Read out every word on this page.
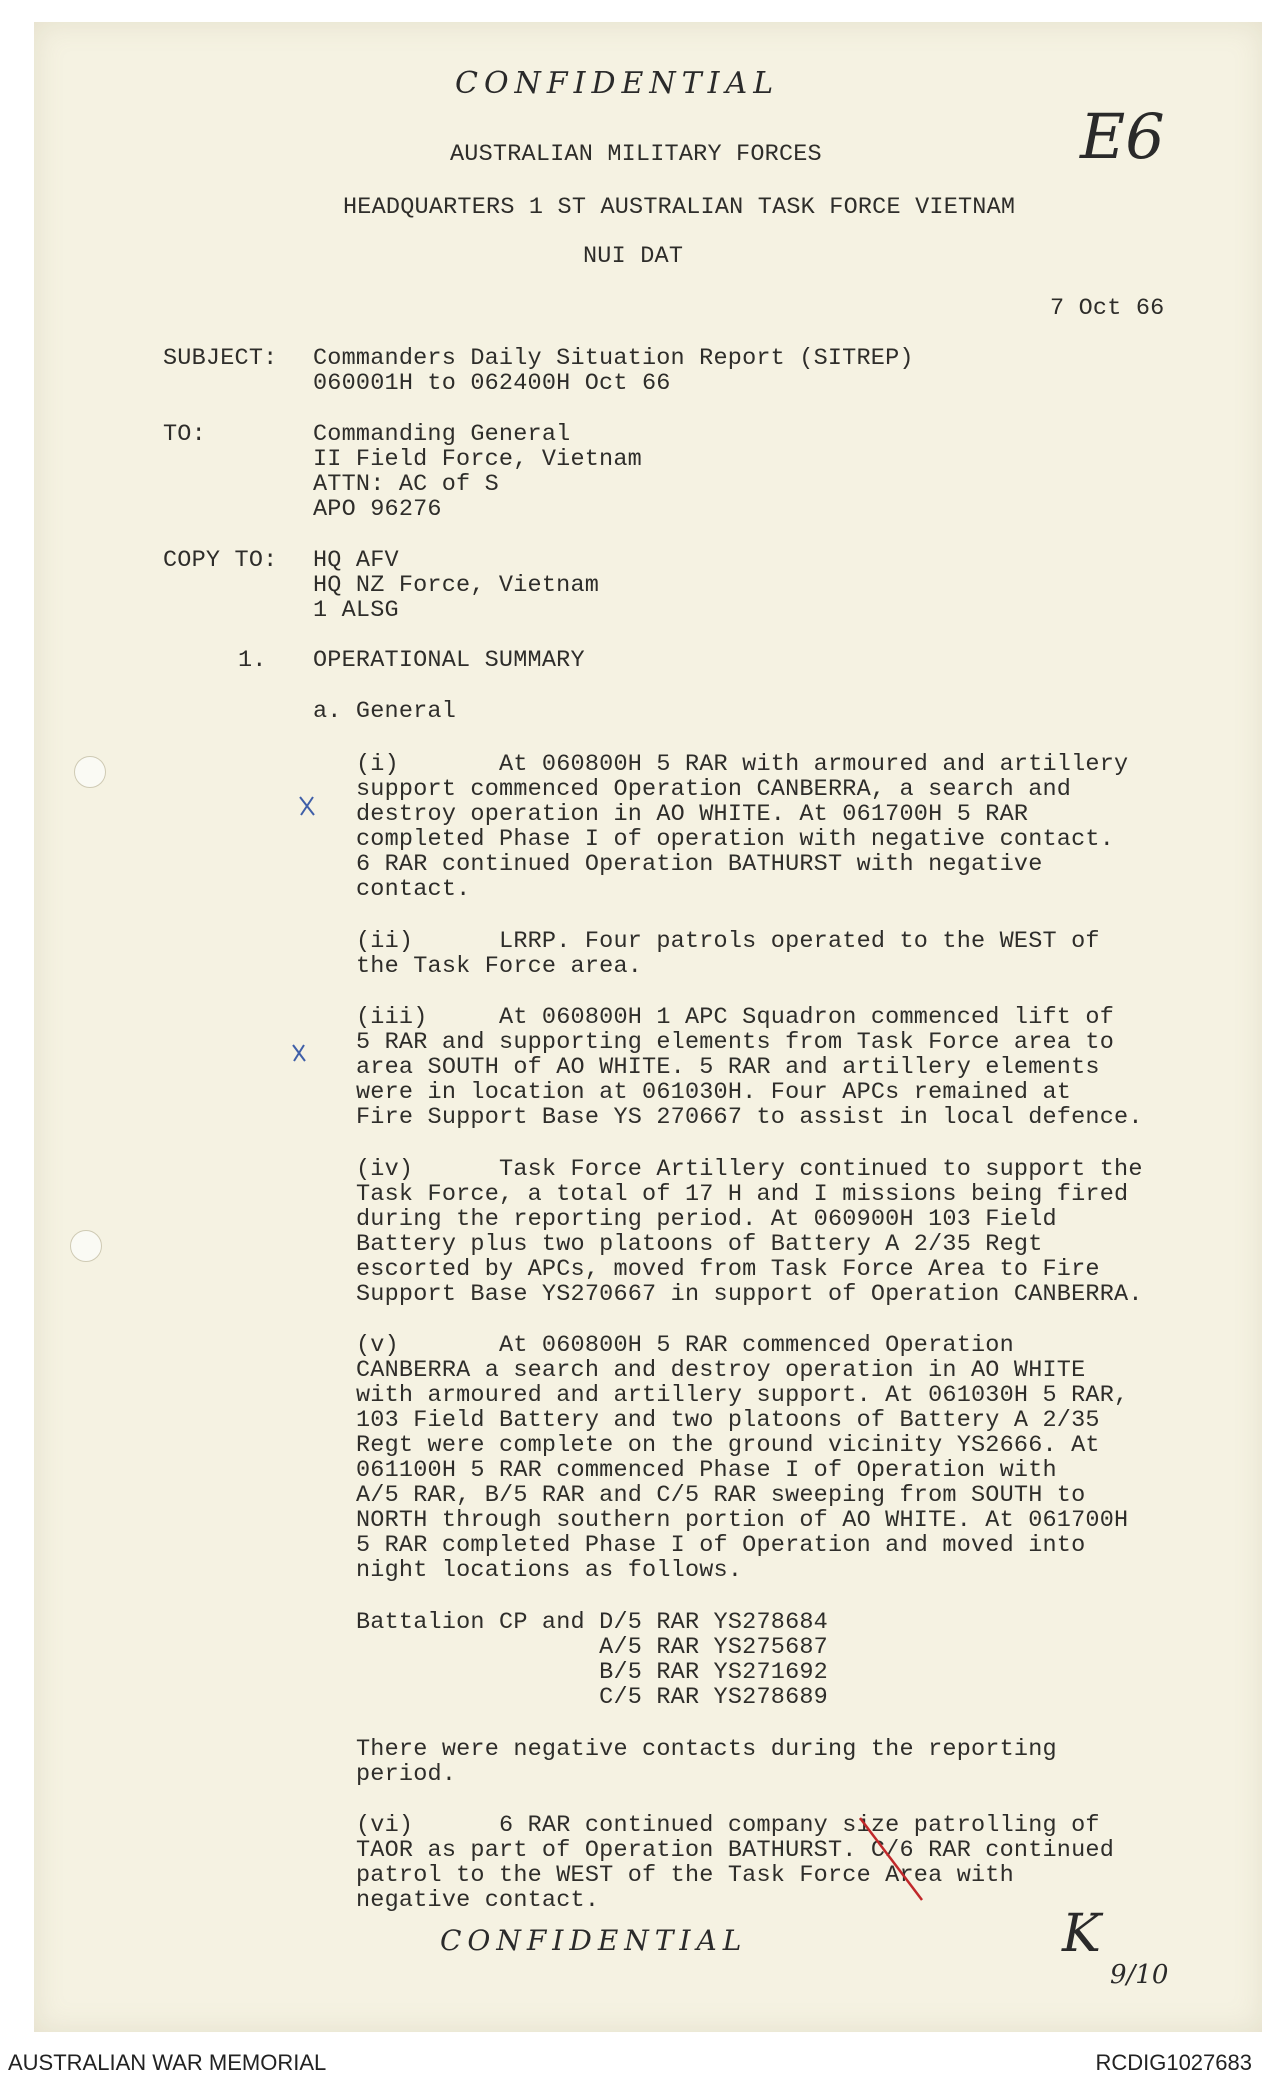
CONFIDENTIAL
E6
AUSTRALIAN MILITARY FORCES
HEADQUARTERS 1 ST AUSTRALIAN TASK FORCE VIETNAM
NUI DAT
7 Oct 66
SUBJECT: Commanders Daily Situation Report (SITREP)
060001H to 062400H Oct 66
TO:	Commanding General
II Field Force, Vietnam
ATTN: AC of S
APO 96276
COPY TO: HQ AFV
HQ NZ Force, Vietnam
1 ALSG
1. OPERATIONAL SUMMARY
a. General
(i)       At 060800H 5 RAR with armoured and artillery
support commenced Operation CANBERRA, a search and
destroy operation in AO WHITE. At 061700H 5 RAR
completed Phase I of operation with negative contact.
6 RAR continued Operation BATHURST with negative
contact.
(ii)      LRRP. Four patrols operated to the WEST of
the Task Force area.
(iii)     At 060800H 1 APC Squadron commenced lift of
5 RAR and supporting elements from Task Force area to
area SOUTH of AO WHITE. 5 RAR and artillery elements
were in location at 061030H. Four APCs remained at
Fire Support Base YS 270667 to assist in local defence.
(iv)      Task Force Artillery continued to support the
Task Force, a total of 17 H and I missions being fired
during the reporting period. At 060900H 103 Field
Battery plus two platoons of Battery A 2/35 Regt
escorted by APCs, moved from Task Force Area to Fire
Support Base YS270667 in support of Operation CANBERRA.
(v)       At 060800H 5 RAR commenced Operation
CANBERRA a search and destroy operation in AO WHITE
with armoured and artillery support. At 061030H 5 RAR,
103 Field Battery and two platoons of Battery A 2/35
Regt were complete on the ground vicinity YS2666. At
061100H 5 RAR commenced Phase I of Operation with
A/5 RAR, B/5 RAR and C/5 RAR sweeping from SOUTH to
NORTH through southern portion of AO WHITE. At 061700H
5 RAR completed Phase I of Operation and moved into
night locations as follows.
Battalion CP and D/5 RAR YS278684
A/5 RAR YS275687
B/5 RAR YS271692
C/5 RAR YS278689
There were negative contacts during the reporting
period.
(vi)      6 RAR continued company size patrolling of
TAOR as part of Operation BATHURST. C/6 RAR continued
patrol to the WEST of the Task Force Area with
negative contact.
CONFIDENTIAL	K
9/10
AUSTRALIAN WAR MEMORIAL	RCDIG1027683
